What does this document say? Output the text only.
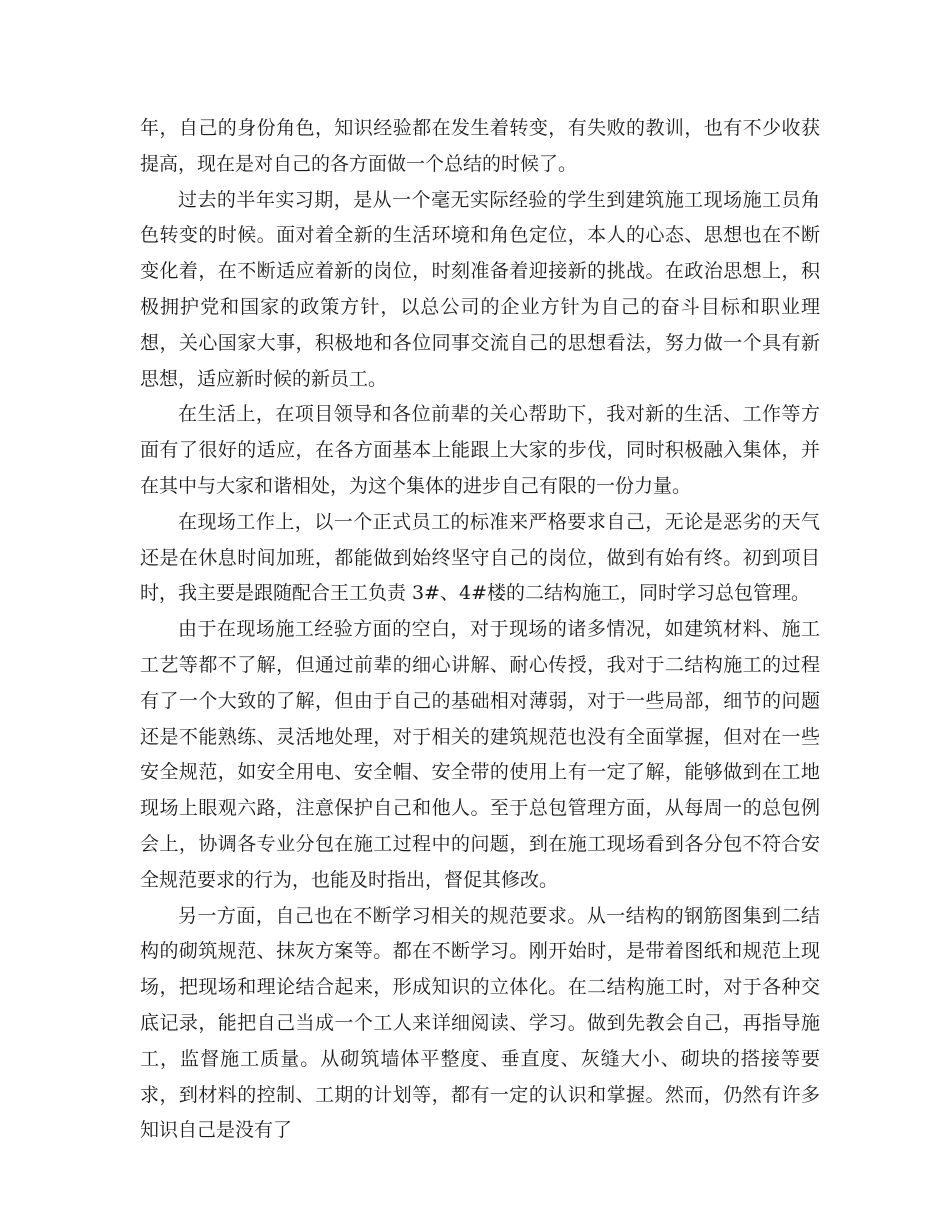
年，自己的身份角色，知识经验都在发生着转变，有失败的教训，也有不少收获提高，现在是对自己的各方面做一个总结的时候了。

过去的半年实习期，是从一个毫无实际经验的学生到建筑施工现场施工员角色转变的时候。面对着全新的生活环境和角色定位，本人的心态、思想也在不断变化着，在不断适应着新的岗位，时刻准备着迎接新的挑战。在政治思想上，积极拥护党和国家的政策方针，以总公司的企业方针为自己的奋斗目标和职业理想，关心国家大事，积极地和各位同事交流自己的思想看法，努力做一个具有新思想，适应新时候的新员工。

在生活上，在项目领导和各位前辈的关心帮助下，我对新的生活、工作等方面有了很好的适应，在各方面基本上能跟上大家的步伐，同时积极融入集体，并在其中与大家和谐相处，为这个集体的进步自己有限的一份力量。

在现场工作上，以一个正式员工的标准来严格要求自己，无论是恶劣的天气还是在休息时间加班，都能做到始终坚守自己的岗位，做到有始有终。初到项目时，我主要是跟随配合王工负责 3#、4#楼的二结构施工，同时学习总包管理。

由于在现场施工经验方面的空白，对于现场的诸多情况，如建筑材料、施工工艺等都不了解，但通过前辈的细心讲解、耐心传授，我对于二结构施工的过程有了一个大致的了解，但由于自己的基础相对薄弱，对于一些局部，细节的问题还是不能熟练、灵活地处理，对于相关的建筑规范也没有全面掌握，但对在一些安全规范，如安全用电、安全帽、安全带的使用上有一定了解，能够做到在工地现场上眼观六路，注意保护自己和他人。至于总包管理方面，从每周一的总包例会上，协调各专业分包在施工过程中的问题，到在施工现场看到各分包不符合安全规范要求的行为，也能及时指出，督促其修改。

另一方面，自己也在不断学习相关的规范要求。从一结构的钢筋图集到二结构的砌筑规范、抹灰方案等。都在不断学习。刚开始时，是带着图纸和规范上现场，把现场和理论结合起来，形成知识的立体化。在二结构施工时，对于各种交底记录，能把自己当成一个工人来详细阅读、学习。做到先教会自己，再指导施工，监督施工质量。从砌筑墙体平整度、垂直度、灰缝大小、砌块的搭接等要求，到材料的控制、工期的计划等，都有一定的认识和掌握。然而，仍然有许多知识自己是没有了
